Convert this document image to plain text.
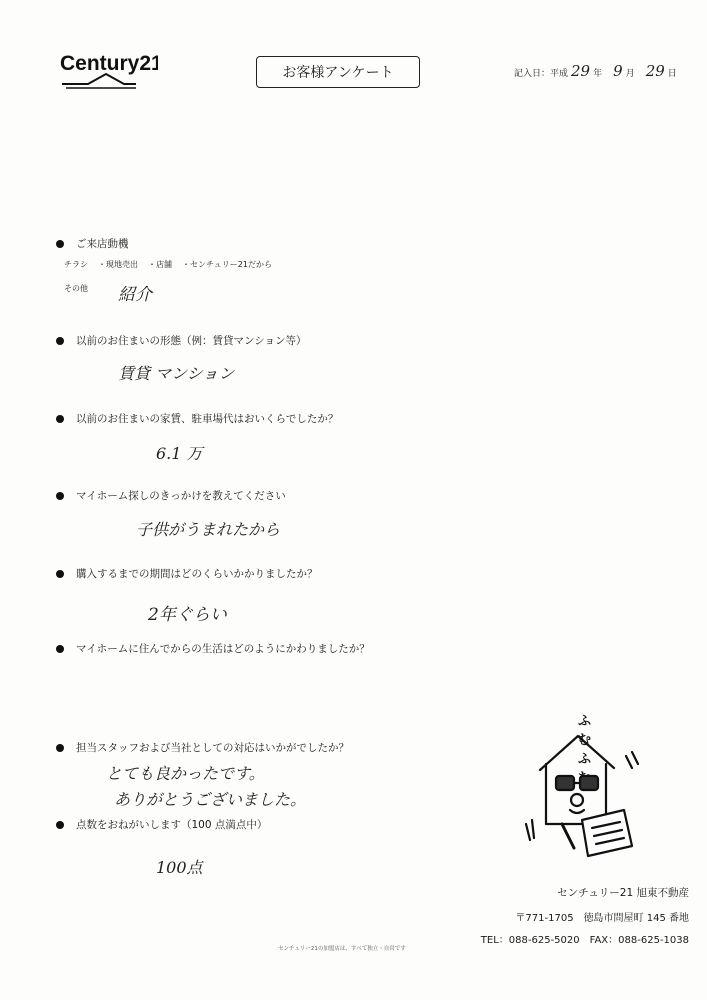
Century21	お客様アンケート	記入日：平成 29 年 9 月 29 日
ご来店動機
チラシ ・現地売出 ・店舗 ・センチュリー21だから
その他 紹介
以前のお住まいの形態（例：賃貸マンション等）
賃貸 マンション
以前のお住まいの家賃、駐車場代はおいくらでしたか？
6.1 万
マイホーム探しのきっかけを教えてください
子供がうまれたから
購入するまでの期間はどのくらいかかりましたか？
2年ぐらい
マイホームに住んでからの生活はどのようにかわりましたか？
担当スタッフおよび当社としての対応はいかがでしたか？
とても良かったです。
ありがとうございました。
点数をおねがいします（100 点満点中）
100点
ふむふ
センチュリー21 旭東不動産
〒771-1705　徳島市問屋町 145 番地
TEL：088-625-5020　FAX：088-625-1038
センチュリー21の加盟店は、すべて独立・自営です
